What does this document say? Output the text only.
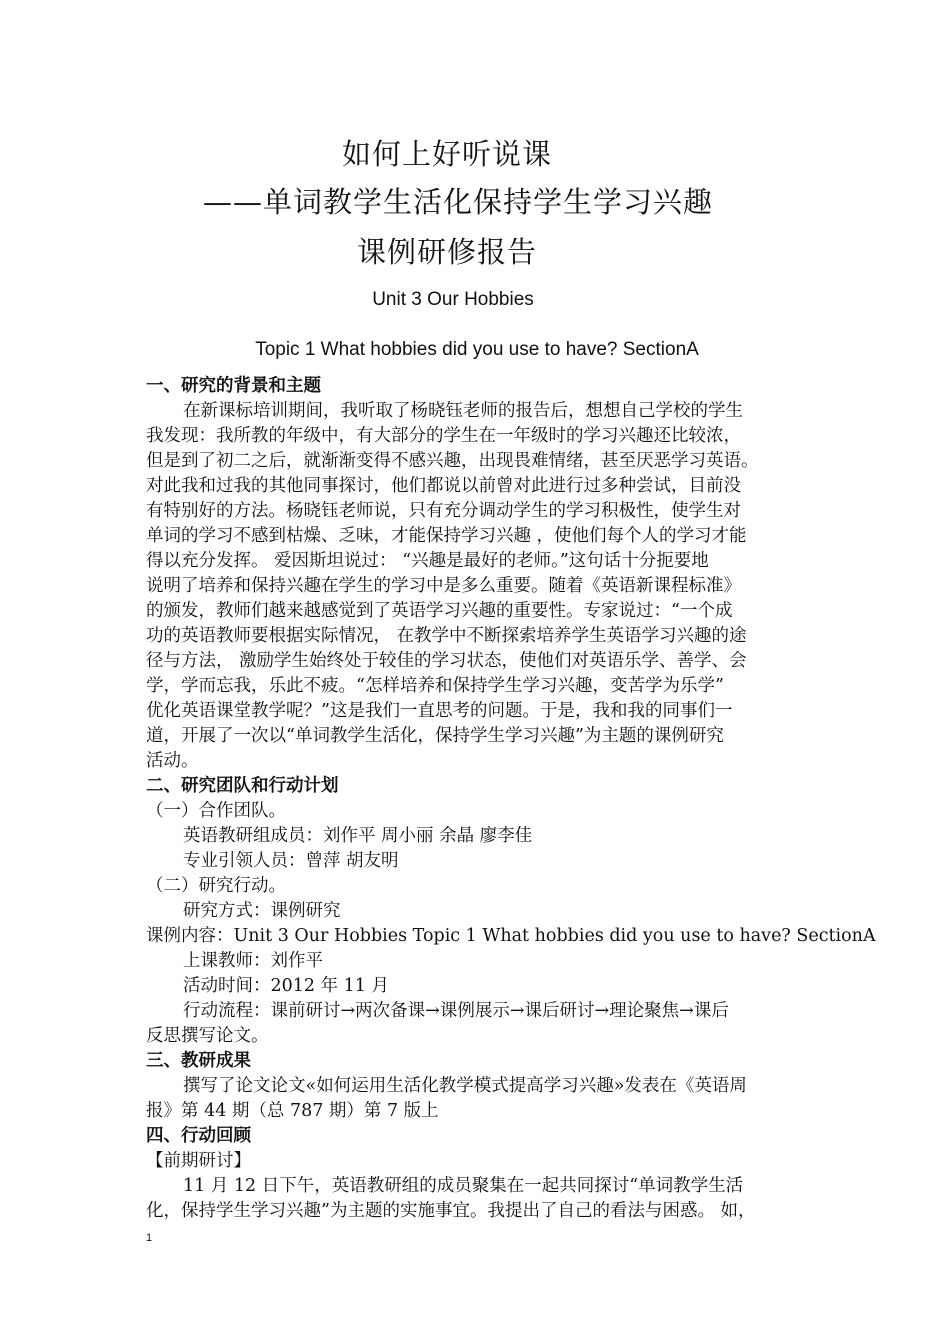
如何上好听说课
——单词教学生活化保持学生学习兴趣
课例研修报告
Unit 3 Our Hobbies
Topic 1 What hobbies did you use to have? SectionA
一、研究的背景和主题
在新课标培训期间，我听取了杨晓钰老师的报告后，想想自己学校的学生
我发现：我所教的年级中，有大部分的学生在一年级时的学习兴趣还比较浓，
但是到了初二之后，就渐渐变得不感兴趣，出现畏难情绪，甚至厌恶学习英语。
对此我和过我的其他同事探讨，他们都说以前曾对此进行过多种尝试，目前没
有特别好的方法。杨晓钰老师说，只有充分调动学生的学习积极性，使学生对
单词的学习不感到枯燥、乏味，才能保持学习兴趣 ，使他们每个人的学习才能
得以充分发挥。 爱因斯坦说过： “兴趣是最好的老师。”这句话十分扼要地
说明了培养和保持兴趣在学生的学习中是多么重要。随着《英语新课程标准》
的颁发，教师们越来越感觉到了英语学习兴趣的重要性。专家说过：“一个成
功的英语教师要根据实际情况， 在教学中不断探索培养学生英语学习兴趣的途
径与方法， 激励学生始终处于较佳的学习状态，使他们对英语乐学、善学、会
学，学而忘我，乐此不疲。“怎样培养和保持学生学习兴趣，变苦学为乐学”
优化英语课堂教学呢？”这是我们一直思考的问题。于是，我和我的同事们一
道，开展了一次以“单词教学生活化，保持学生学习兴趣”为主题的课例研究
活动。
二、研究团队和行动计划
（一）合作团队。
英语教研组成员：刘作平 周小丽 余晶 廖李佳
专业引领人员：曾萍 胡友明
（二）研究行动。
研究方式：课例研究
课例内容：Unit 3 Our Hobbies Topic 1 What hobbies did you use to have? SectionA
上课教师：刘作平
活动时间：2012 年 11 月
行动流程：课前研讨→两次备课→课例展示→课后研讨→理论聚焦→课后
反思撰写论文。
三、教研成果
撰写了论文论文«如何运用生活化教学模式提高学习兴趣»发表在《英语周
报》第 44 期（总 787 期）第 7 版上
四、行动回顾
【前期研讨】
11 月 12 日下午，英语教研组的成员聚集在一起共同探讨“单词教学生活
化，保持学生学习兴趣”为主题的实施事宜。我提出了自己的看法与困惑。 如，
1
